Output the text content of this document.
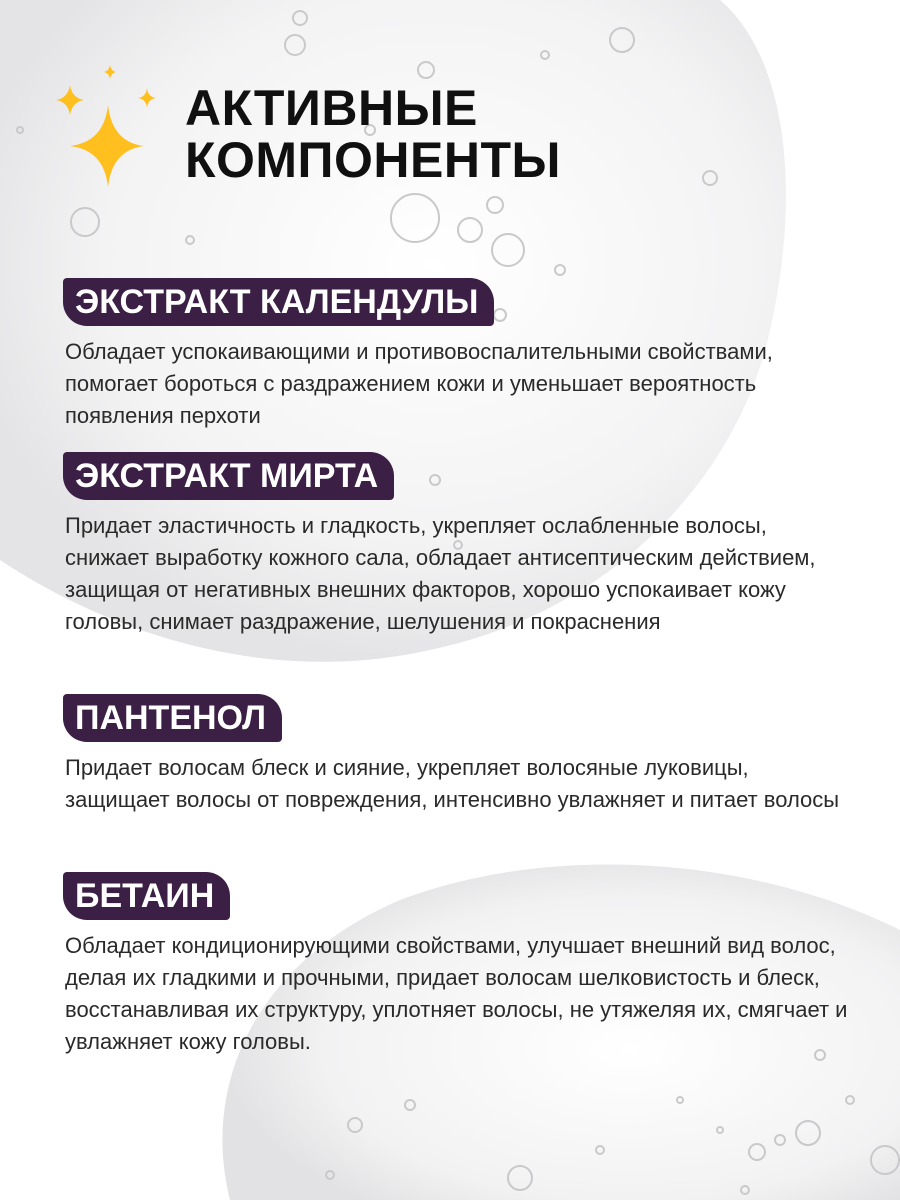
АКТИВНЫЕ
КОМПОНЕНТЫ
ЭКСТРАКТ КАЛЕНДУЛЫ

Обладает успокаивающими и противовоспалительными свойствами, помогает бороться с раздражением кожи и уменьшает вероятность появления перхоти

ЭКСТРАКТ МИРТА

Придает эластичность и гладкость, укрепляет ослабленные волосы, снижает выработку кожного сала, обладает антисептическим действием, защищая от негативных внешних факторов, хорошо успокаивает кожу головы, снимает раздражение, шелушения и покраснения

ПАНТЕНОЛ

Придает волосам блеск и сияние, укрепляет волосяные луковицы, защищает волосы от повреждения, интенсивно увлажняет и питает волосы

БЕТАИН

Обладает кондиционирующими свойствами, улучшает внешний вид волос, делая их гладкими и прочными, придает волосам шелковистость и блеск, восстанавливая их структуру, уплотняет волосы, не утяжеляя их, смягчает и увлажняет кожу головы.
